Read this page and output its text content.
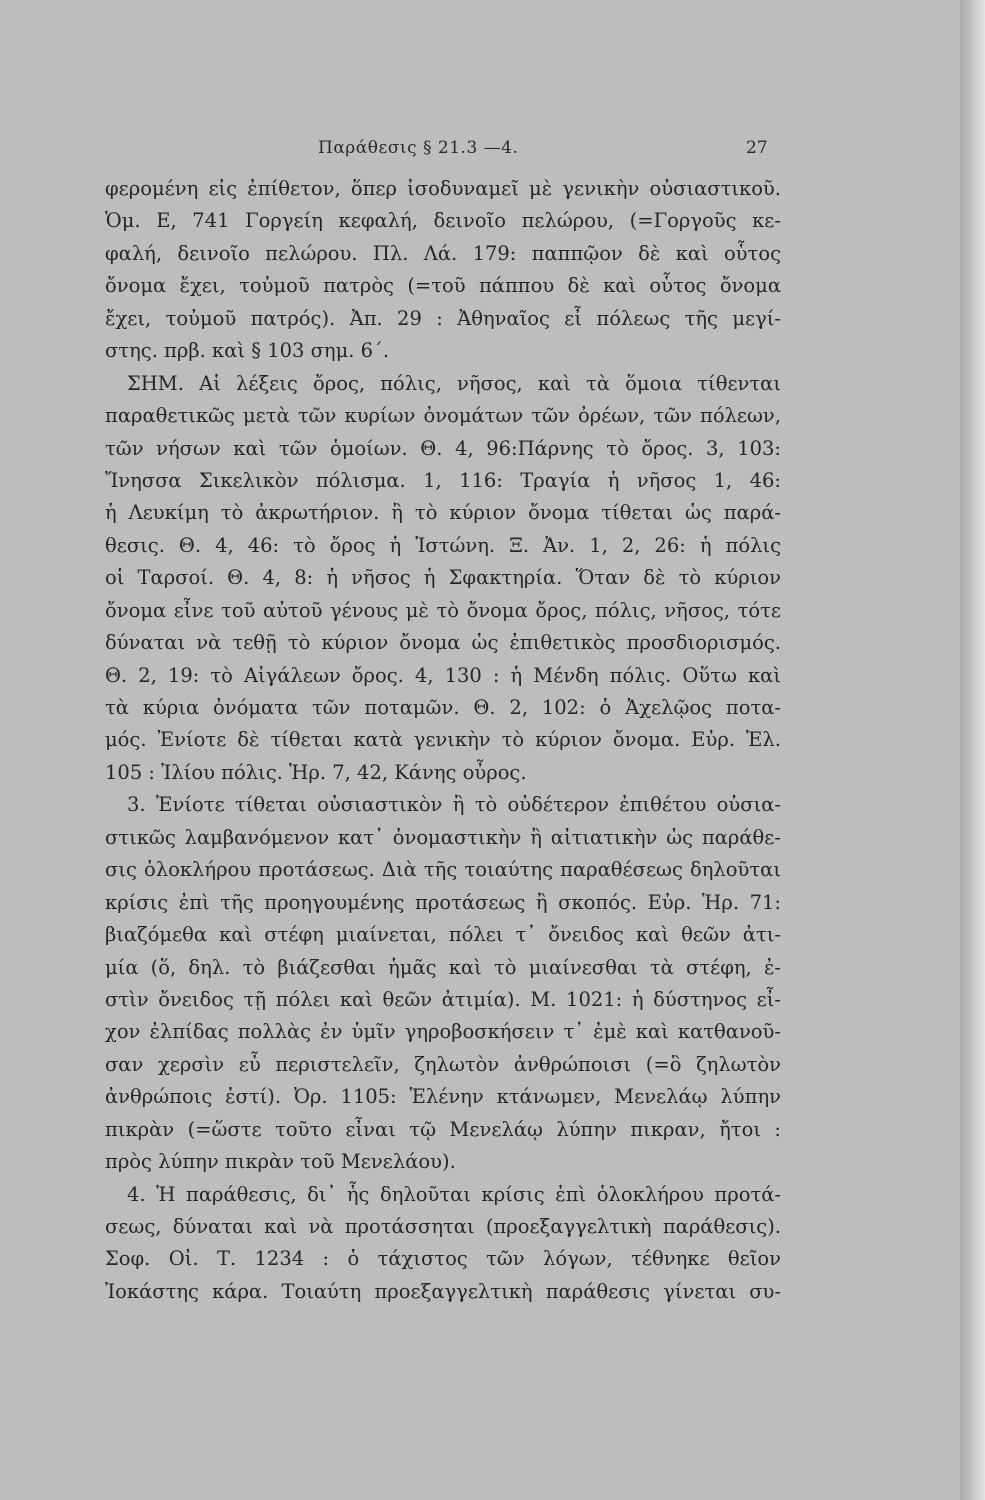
Παράθεσις § 21.3 —4.	27
φερομένη εἰς ἐπίθετον, ὅπερ ἰσοδυναμεῖ μὲ γενικὴν οὐσιαστικοῦ.
Ὁμ. Ε, 741 Γοργείη κεφαλή, δεινοῖο πελώρου, (=Γοργοῦς κε-
φαλή, δεινοῖο πελώρου. Πλ. Λά. 179: παππῷον δὲ καὶ οὗτος
ὄνομα ἔχει, τοὐμοῦ πατρὸς (=τοῦ πάππου δὲ καὶ οὗτος ὄνομα
ἔχει, τοὐμοῦ πατρός). Ἀπ. 29 : Ἀθηναῖος εἶ πόλεως τῆς μεγί-
στης. πρβ. καὶ § 103 σημ. 6΄.
ΣΗΜ. Αἱ λέξεις ὄρος, πόλις, νῆσος, καὶ τὰ ὅμοια τίθενται
παραθετικῶς μετὰ τῶν κυρίων ὀνομάτων τῶν ὀρέων, τῶν πόλεων,
τῶν νήσων καὶ τῶν ὁμοίων. Θ. 4, 96:Πάρνης τὸ ὄρος. 3, 103:
Ἴνησσα Σικελικὸν πόλισμα. 1, 116: Τραγία ἡ νῆσος 1, 46:
ἡ Λευκίμη τὸ ἀκρωτήριον. ἢ τὸ κύριον ὄνομα τίθεται ὡς παρά-
θεσις. Θ. 4, 46: τὸ ὄρος ἡ Ἰστώνη. Ξ. Ἀν. 1, 2, 26: ἡ πόλις
οἱ Ταρσοί. Θ. 4, 8: ἡ νῆσος ἡ Σφακτηρία. Ὅταν δὲ τὸ κύριον
ὄνομα εἶνε τοῦ αὐτοῦ γένους μὲ τὸ ὄνομα ὄρος, πόλις, νῆσος, τότε
δύναται νὰ τεθῇ τὸ κύριον ὄνομα ὡς ἐπιθετικὸς προσδιορισμός.
Θ. 2, 19: τὸ Αἰγάλεων ὄρος. 4, 130 : ἡ Μένδη πόλις. Οὕτω καὶ
τὰ κύρια ὀνόματα τῶν ποταμῶν. Θ. 2, 102: ὁ Ἀχελῷος ποτα-
μός. Ἐνίοτε δὲ τίθεται κατὰ γενικὴν τὸ κύριον ὄνομα. Εὐρ. Ἑλ.
105 : Ἰλίου πόλις. Ἡρ. 7, 42, Κάνης οὖρος.
3. Ἐνίοτε τίθεται οὐσιαστικὸν ἢ τὸ οὐδέτερον ἐπιθέτου οὐσια-
στικῶς λαμβανόμενον κατ᾽ ὀνομαστικὴν ἢ αἰτιατικὴν ὡς παράθε-
σις ὁλοκλήρου προτάσεως. Διὰ τῆς τοιαύτης παραθέσεως δηλοῦται
κρίσις ἐπὶ τῆς προηγουμένης προτάσεως ἢ σκοπός. Εὐρ. Ἡρ. 71:
βιαζόμεθα καὶ στέφη μιαίνεται, πόλει τ᾽ ὄνειδος καὶ θεῶν ἀτι-
μία (ὅ, δηλ. τὸ βιάζεσθαι ἡμᾶς καὶ τὸ μιαίνεσθαι τὰ στέφη, ἐ-
στὶν ὄνειδος τῇ πόλει καὶ θεῶν ἀτιμία). Μ. 1021: ἡ δύστηνος εἶ-
χον ἐλπίδας πολλὰς ἐν ὑμῖν γηροβοσκήσειν τ᾽ ἐμὲ καὶ κατθανοῦ-
σαν χερσὶν εὖ περιστελεῖν, ζηλωτὸν ἀνθρώποισι (=ὃ ζηλωτὸν
ἀνθρώποις ἐστί). Ὀρ. 1105: Ἑλένην κτάνωμεν, Μενελάῳ λύπην
πικρὰν (=ὥστε τοῦτο εἶναι τῷ Μενελάῳ λύπην πικραν, ἤτοι :
πρὸς λύπην πικρὰν τοῦ Μενελάου).
4. Ἡ παράθεσις, δι᾽ ἧς δηλοῦται κρίσις ἐπὶ ὁλοκλήρου προτά-
σεως, δύναται καὶ νὰ προτάσσηται (προεξαγγελτικὴ παράθεσις).
Σοφ. Οἰ. Τ. 1234 : ὁ τάχιστος τῶν λόγων, τέθνηκε θεῖον
Ἰοκάστης κάρα. Τοιαύτη προεξαγγελτικὴ παράθεσις γίνεται συ-
